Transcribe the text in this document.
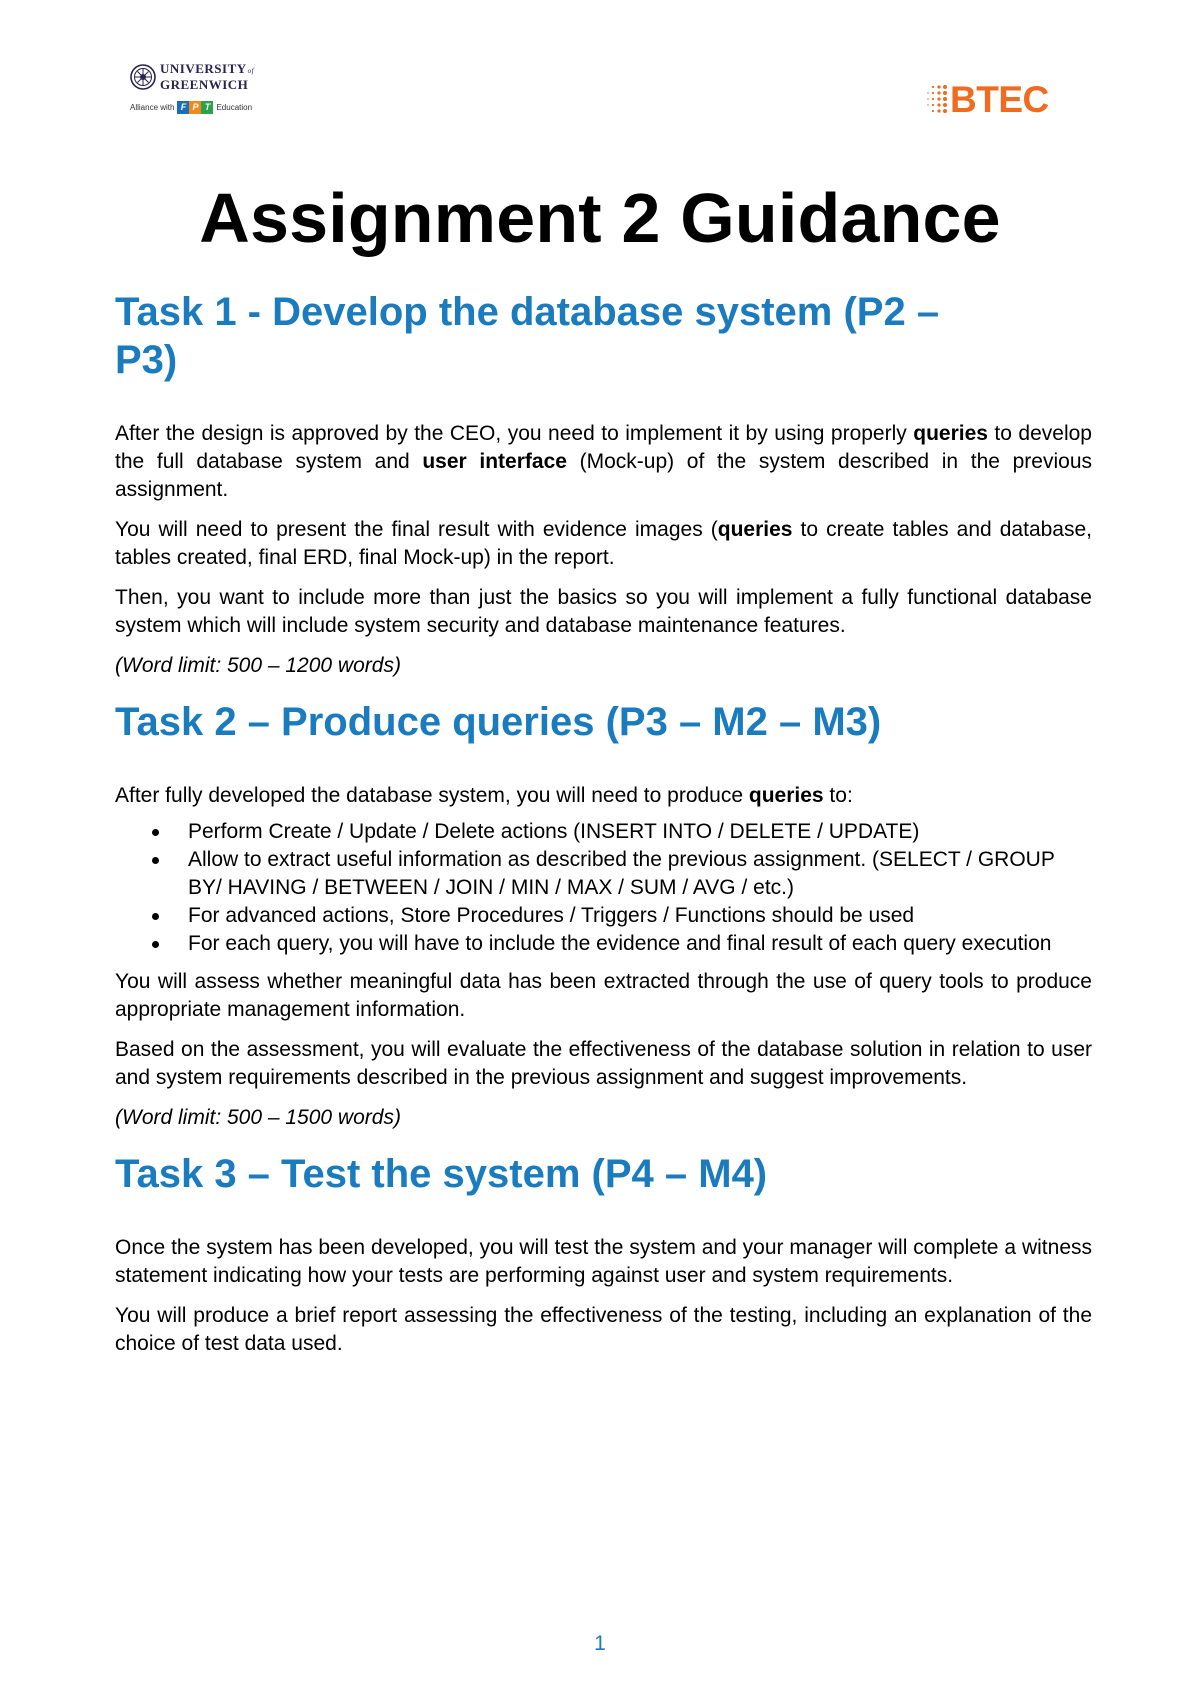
UNIVERSITYof
GREENWICH
Alliance with F P T Education	BTEC
Assignment 2 Guidance
Task 1 - Develop the database system (P2 –
P3)

After the design is approved by the CEO, you need to implement it by using properly queries to develop the full database system and user interface (Mock-up) of the system described in the previous assignment.

You will need to present the final result with evidence images (queries to create tables and database, tables created, final ERD, final Mock-up) in the report.

Then, you want to include more than just the basics so you will implement a fully functional database system which will include system security and database maintenance features.

(Word limit: 500 – 1200 words)

Task 2 – Produce queries (P3 – M2 – M3)

After fully developed the database system, you will need to produce queries to:

Perform Create / Update / Delete actions (INSERT INTO / DELETE / UPDATE)
Allow to extract useful information as described the previous assignment. (SELECT / GROUP BY/ HAVING / BETWEEN / JOIN / MIN / MAX / SUM / AVG / etc.)
For advanced actions, Store Procedures / Triggers / Functions should be used
For each query, you will have to include the evidence and final result of each query execution

You will assess whether meaningful data has been extracted through the use of query tools to produce appropriate management information.

Based on the assessment, you will evaluate the effectiveness of the database solution in relation to user and system requirements described in the previous assignment and suggest improvements.

(Word limit: 500 – 1500 words)

Task 3 – Test the system (P4 – M4)

Once the system has been developed, you will test the system and your manager will complete a witness statement indicating how your tests are performing against user and system requirements.

You will produce a brief report assessing the effectiveness of the testing, including an explanation of the choice of test data used.

1
